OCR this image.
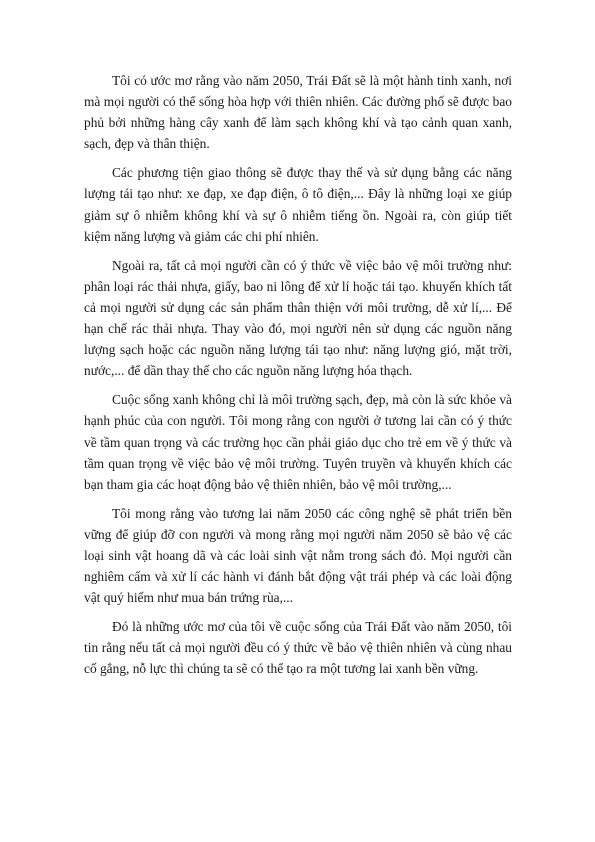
Tôi có ước mơ rằng vào năm 2050, Trái Đất sẽ là một hành tinh xanh, nơi mà mọi người có thể sống hòa hợp với thiên nhiên. Các đường phố sẽ được bao phủ bởi những hàng cây xanh để làm sạch không khí và tạo cảnh quan xanh, sạch, đẹp và thân thiện.

Các phương tiện giao thông sẽ được thay thế và sử dụng bằng các năng lượng tái tạo như: xe đạp, xe đạp điện, ô tô điện,... Đây là những loại xe giúp giảm sự ô nhiễm không khí và sự ô nhiễm tiếng ồn. Ngoài ra, còn giúp tiết kiệm năng lượng và giảm các chi phí nhiên.

Ngoài ra, tất cả mọi người cần có ý thức về việc bảo vệ môi trường như: phân loại rác thải nhựa, giấy, bao ni lông để xử lí hoặc tái tạo. khuyến khích tất cả mọi người sử dụng các sản phẩm thân thiện với môi trường, dễ xử lí,... Để hạn chế rác thải nhựa. Thay vào đó, mọi người nên sử dụng các nguồn năng lượng sạch hoặc các nguồn năng lượng tái tạo như: năng lượng gió, mặt trời, nước,... để dần thay thế cho các nguồn năng lượng hóa thạch.

Cuộc sống xanh không chỉ là môi trường sạch, đẹp, mà còn là sức khỏe và hạnh phúc của con người. Tôi mong rằng con người ở tương lai cần có ý thức về tầm quan trọng và các trường học cần phải giáo dục cho trẻ em về ý thức và tầm quan trọng về việc bảo vệ môi trường. Tuyên truyền và khuyến khích các bạn tham gia các hoạt động bảo vệ thiên nhiên, bảo vệ môi trường,...

Tôi mong rằng vào tương lai năm 2050 các công nghệ sẽ phát triển bền vững để giúp đỡ con người và mong rằng mọi người năm 2050 sẽ bảo vệ các loại sinh vật hoang dã và các loài sinh vật nằm trong sách đỏ. Mọi người cần nghiêm cấm và xử lí các hành vi đánh bắt động vật trái phép và các loài động vật quý hiếm như mua bán trứng rùa,...

Đó là những ước mơ của tôi về cuộc sống của Trái Đất vào năm 2050, tôi tin rằng nếu tất cả mọi người đều có ý thức về bảo vệ thiên nhiên và cùng nhau cố gắng, nỗ lực thì chúng ta sẽ có thể tạo ra một tương lai xanh bền vững.
